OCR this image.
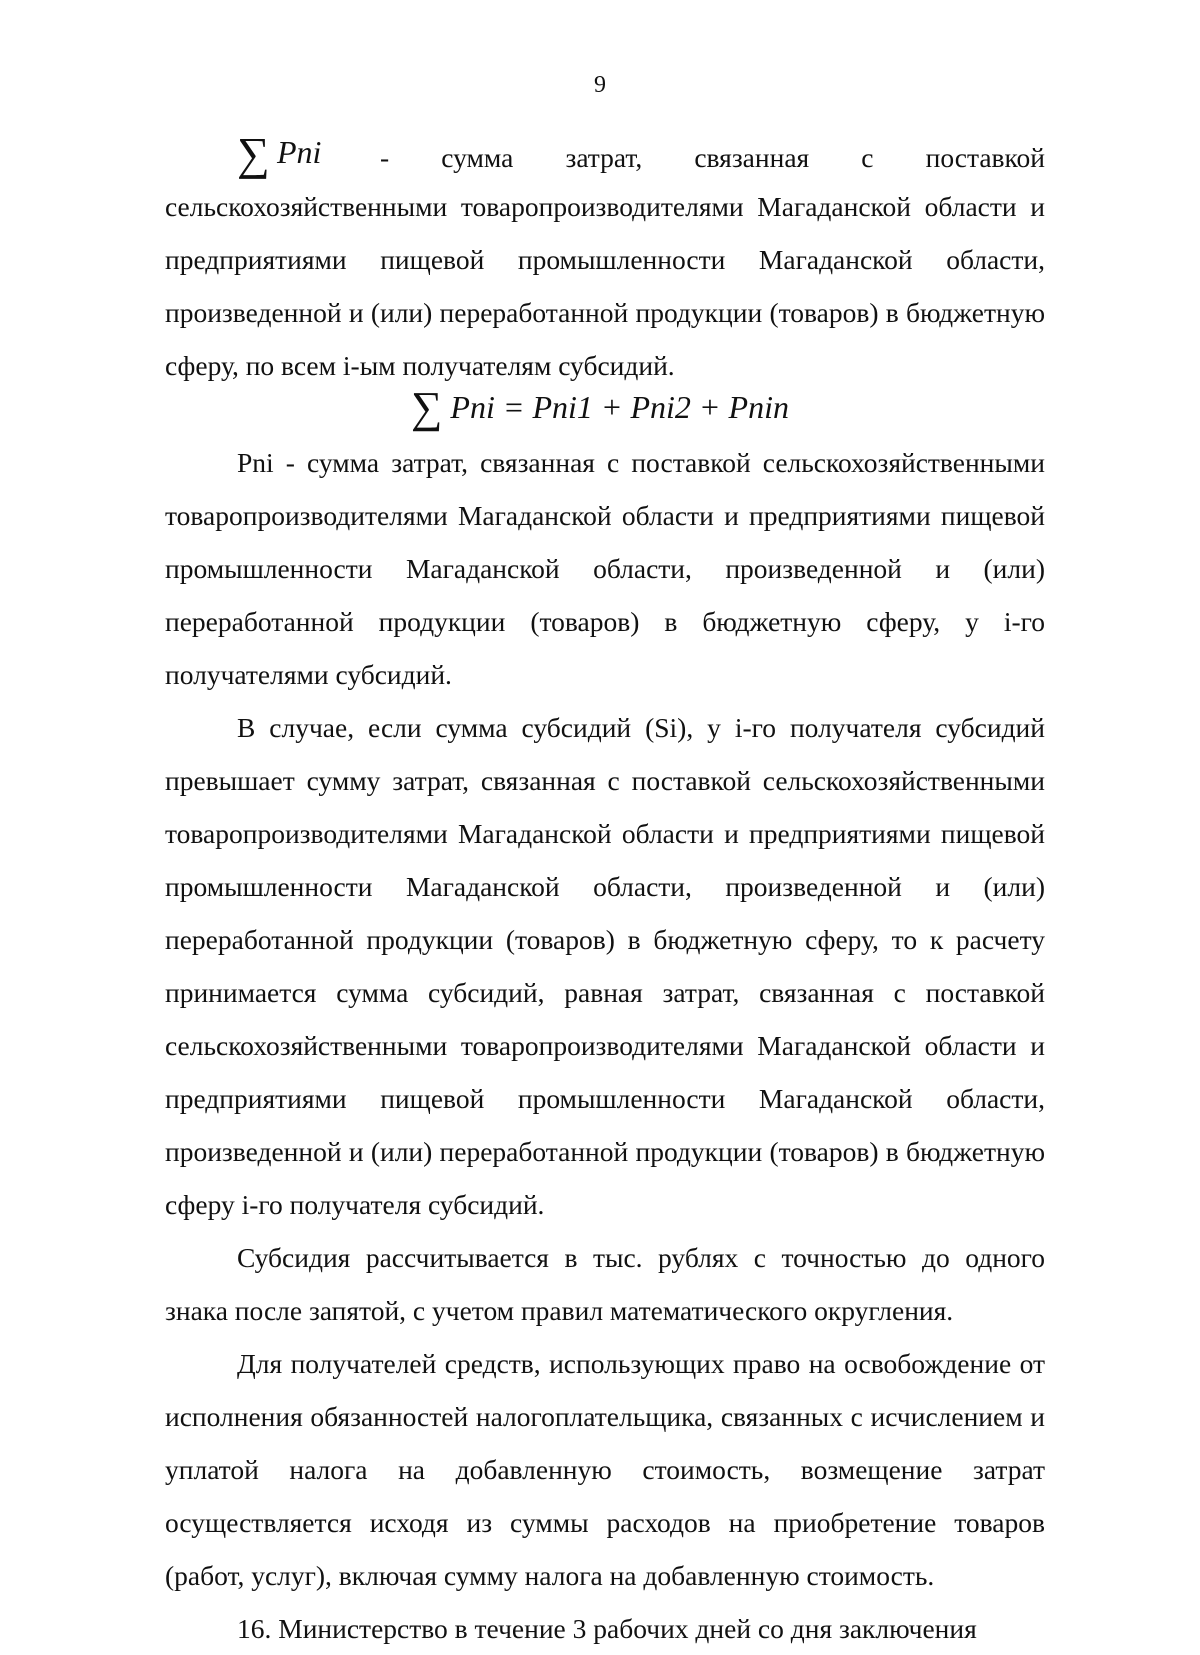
9
∑ Pni - сумма затрат, связанная с поставкой

сельскохозяйственными товаропроизводителями Магаданской области и предприятиями пищевой промышленности Магаданской области, произведенной и (или) переработанной продукции (товаров) в бюджетную сферу, по всем i-ым получателям субсидий.

∑ Pni = Pni1 + Pni2 + Pnin

Pni - сумма затрат, связанная с поставкой сельскохозяйственными товаропроизводителями Магаданской области и предприятиями пищевой промышленности Магаданской области, произведенной и (или) переработанной продукции (товаров) в бюджетную сферу, у i-го получателями субсидий.

В случае, если сумма субсидий (Si), у i-го получателя субсидий превышает сумму затрат, связанная с поставкой сельскохозяйственными товаропроизводителями Магаданской области и предприятиями пищевой промышленности Магаданской области, произведенной и (или) переработанной продукции (товаров) в бюджетную сферу, то к расчету принимается сумма субсидий, равная затрат, связанная с поставкой сельскохозяйственными товаропроизводителями Магаданской области и предприятиями пищевой промышленности Магаданской области, произведенной и (или) переработанной продукции (товаров) в бюджетную сферу i-го получателя субсидий.

Субсидия рассчитывается в тыс. рублях с точностью до одного знака после запятой, с учетом правил математического округления.

Для получателей средств, использующих право на освобождение от исполнения обязанностей налогоплательщика, связанных с исчислением и уплатой налога на добавленную стоимость, возмещение затрат осуществляется исходя из суммы расходов на приобретение товаров (работ, услуг), включая сумму налога на добавленную стоимость.

16. Министерство в течение 3 рабочих дней со дня заключения
